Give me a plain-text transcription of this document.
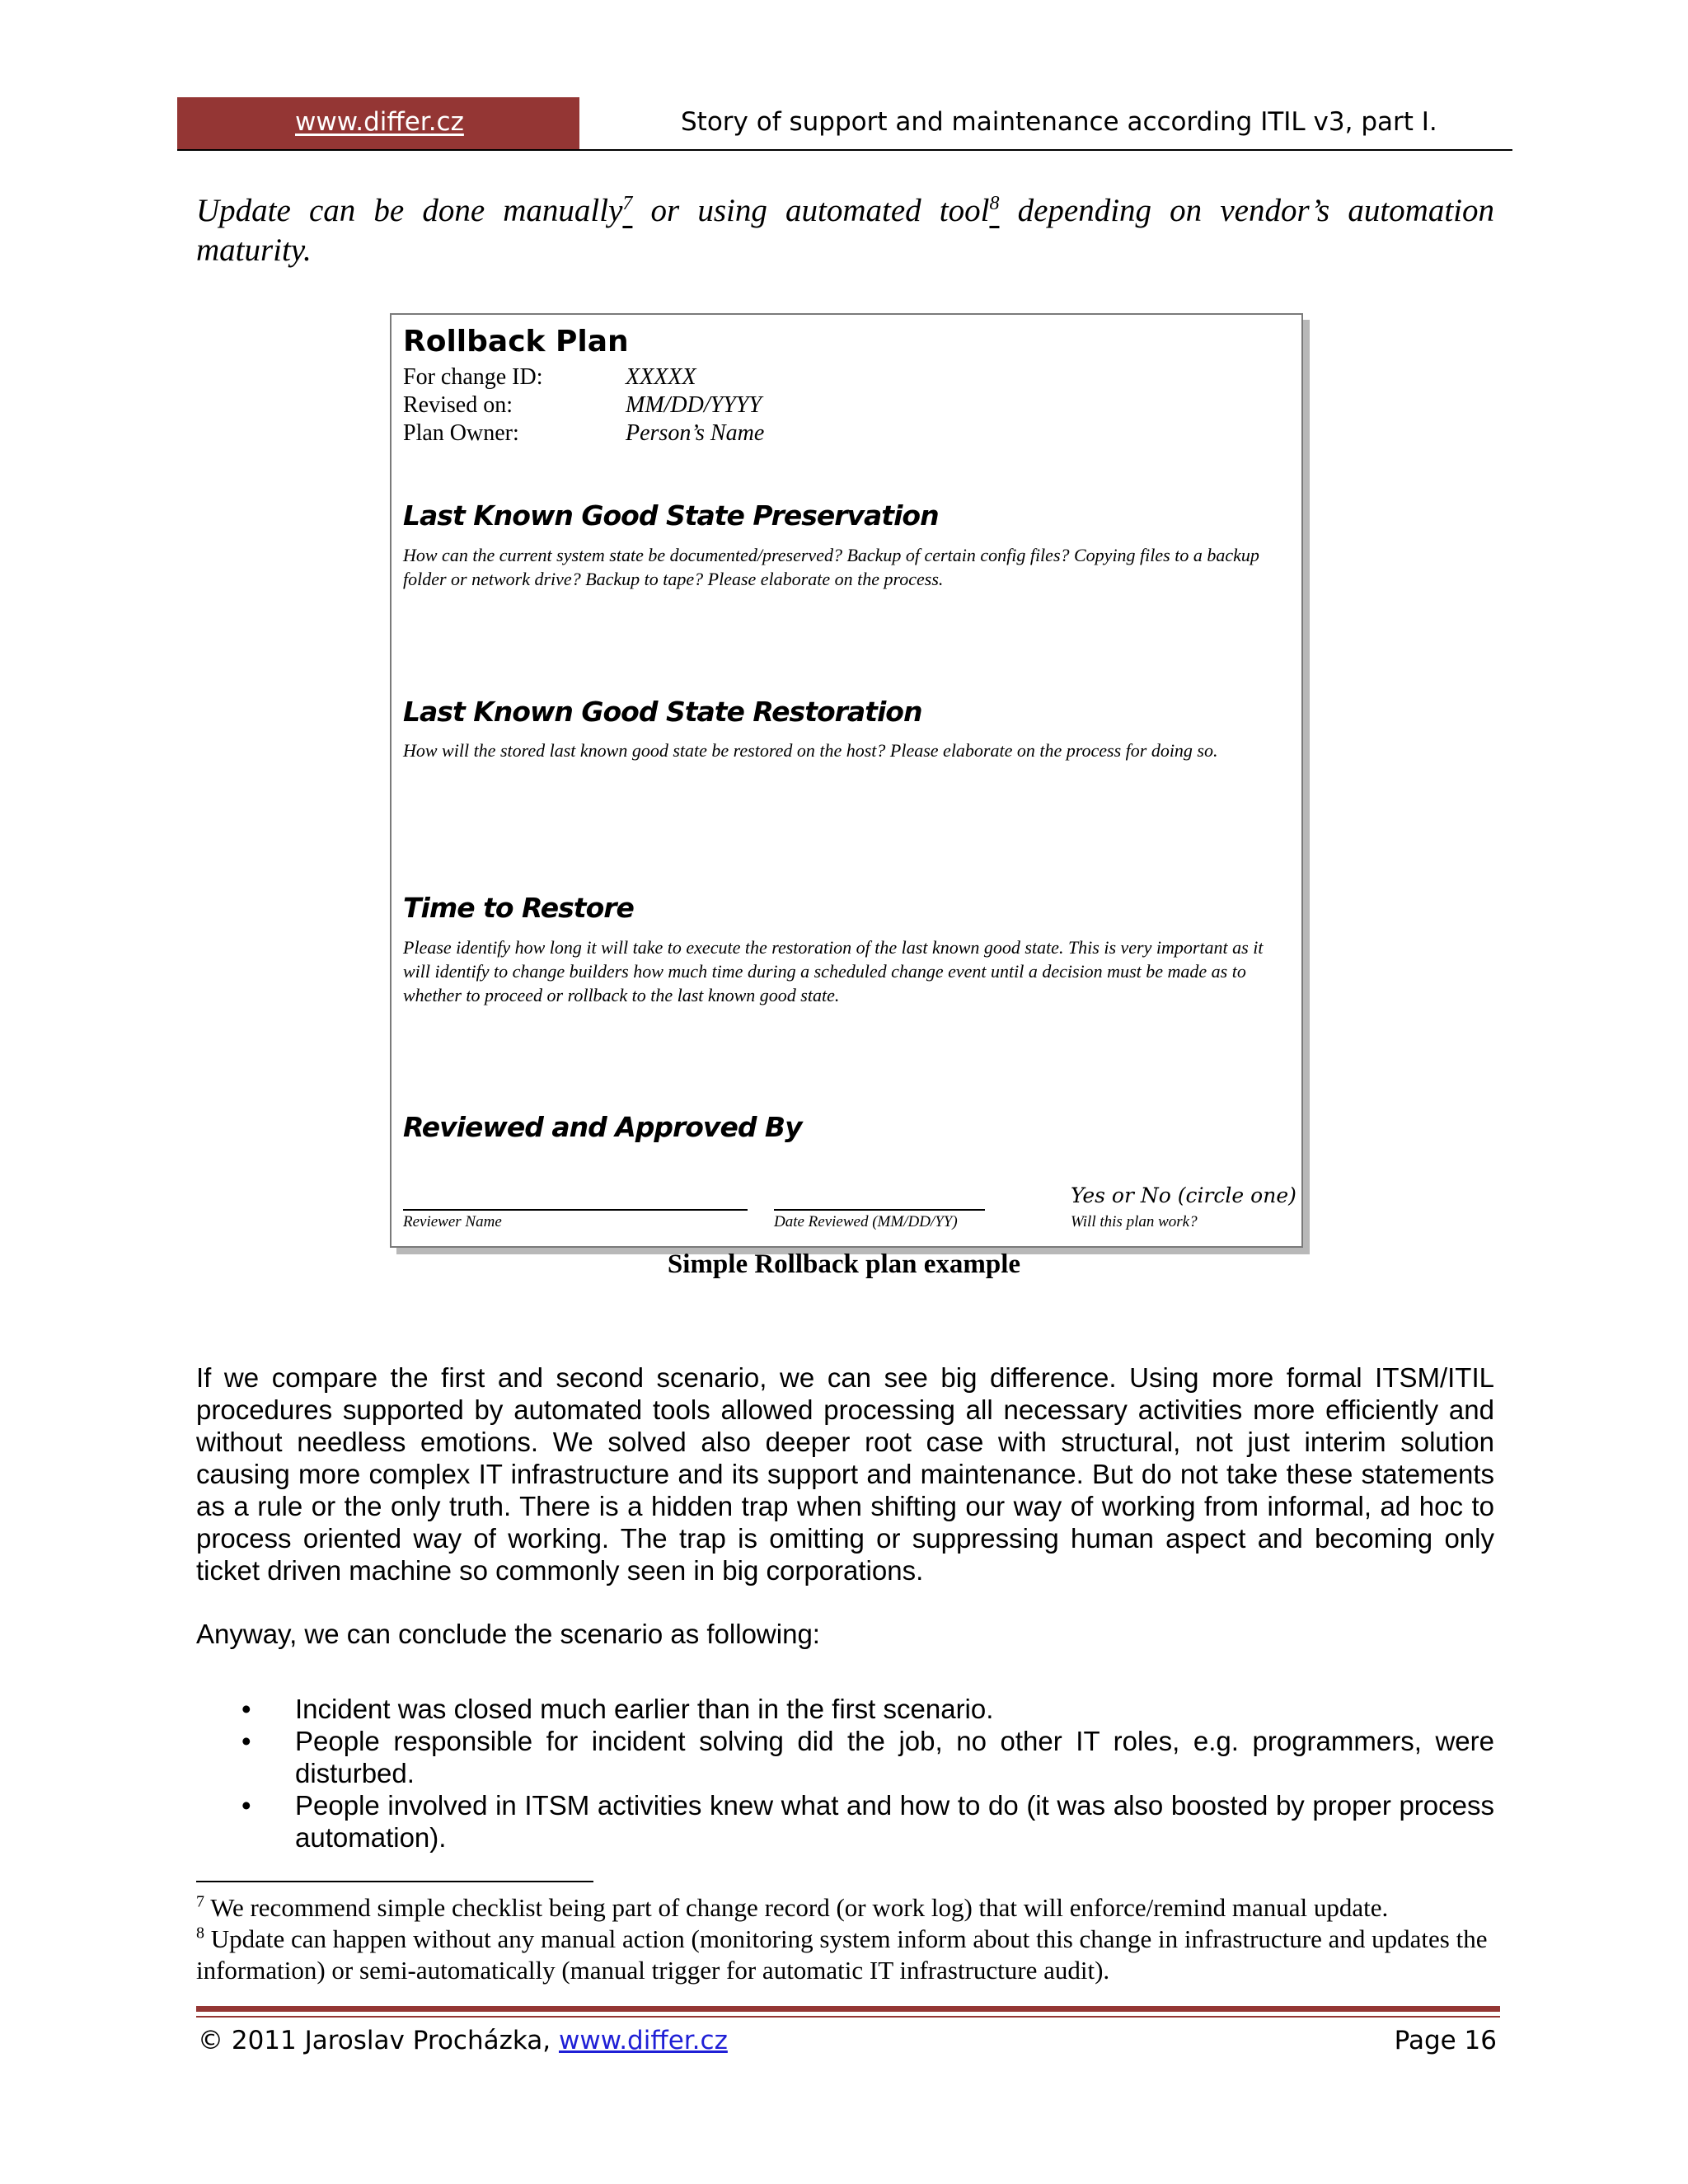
www.differ.cz	Story of support and maintenance according ITIL v3, part I.
Update can be done manually$^7$ or using automated tool$^8$ depending on vendor’s automation maturity.
Rollback Plan
For change ID:	XXXXX
Revised on:	MM/DD/YYYY
Plan Owner:	Person’s Name
Last Known Good State Preservation
How can the current system state be documented/preserved? Backup of certain config files? Copying files to a backup folder or network drive? Backup to tape? Please elaborate on the process.
Last Known Good State Restoration
How will the stored last known good state be restored on the host? Please elaborate on the process for doing so.
Time to Restore
Please identify how long it will take to execute the restoration of the last known good state. This is very important as it will identify to change builders how much time during a scheduled change event until a decision must be made as to whether to proceed or rollback to the last known good state.
Reviewed and Approved By
Reviewer Name	Date Reviewed (MM/DD/YY)
Yes or No (circle one)
Will this plan work?
Simple Rollback plan example
If we compare the first and second scenario, we can see big difference. Using more formal ITSM/ITIL procedures supported by automated tools allowed processing all necessary activities more efficiently and without needless emotions. We solved also deeper root case with structural, not just interim solution causing more complex IT infrastructure and its support and maintenance. But do not take these statements as a rule or the only truth. There is a hidden trap when shifting our way of working from informal, ad hoc to process oriented way of working. The trap is omitting or suppressing human aspect and becoming only ticket driven machine so commonly seen in big corporations.
Anyway, we can conclude the scenario as following:
• Incident was closed much earlier than in the first scenario.
• People responsible for incident solving did the job, no other IT roles, e.g. programmers, were disturbed.
• People involved in ITSM activities knew what and how to do (it was also boosted by proper process automation).
$^7$ We recommend simple checklist being part of change record (or work log) that will enforce/remind manual update.
$^8$ Update can happen without any manual action (monitoring system inform about this change in infrastructure and updates the information) or semi-automatically (manual trigger for automatic IT infrastructure audit).
© 2011 Jaroslav Procházka, www.differ.cz	Page 16
